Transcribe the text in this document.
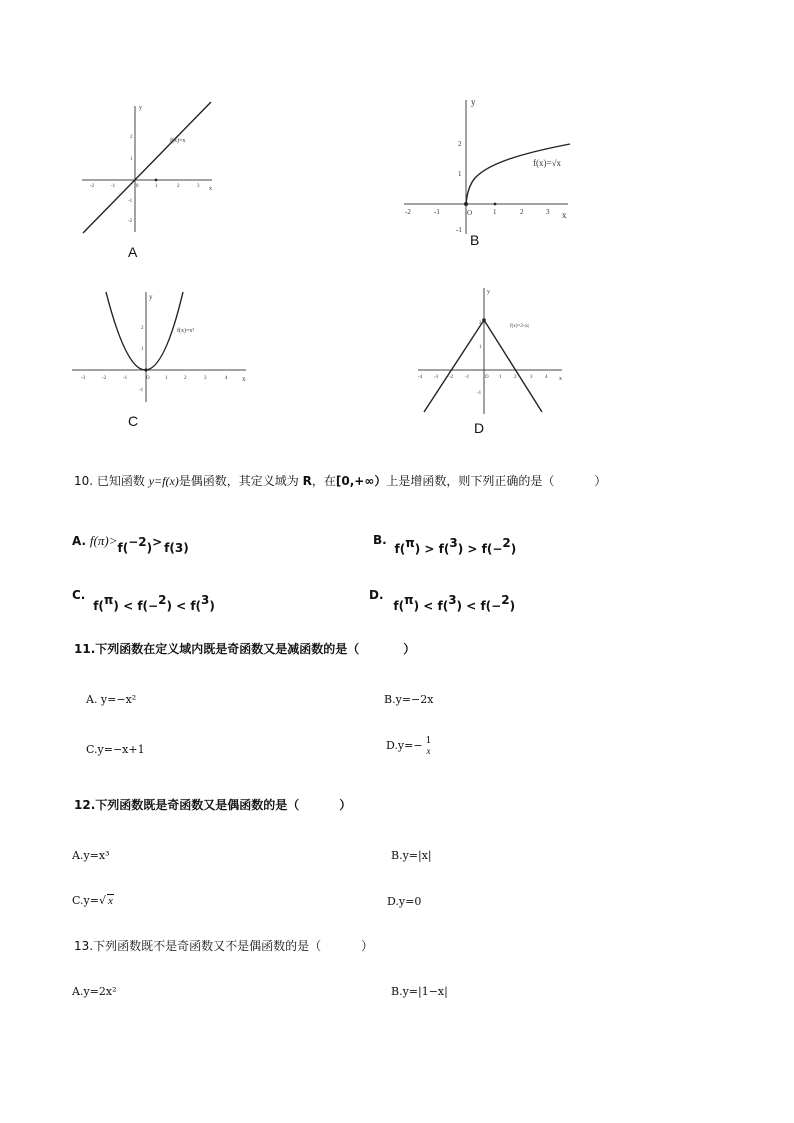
y
x
f(x)=x
-2	-1	0	1	2	3
2
1
-1
-2
A
y
x
f(x)=√x
-2	-1	O	1	2	3
2
1
-1
B
y
x
f(x)=x²
-3	-2	-1	O	1	2	3	4
2
1
-1
C
y
x
f(x)=2-|x|
-4 -3 -2 -1	O 1	2	3	4
2
1
-1
D
10. 已知函数 y=f(x)是偶函数，其定义域为 R，在[0,+∞）上是增函数，则下列正确的是（	）
A. f(π)>f(−2)> f(3)
B. f(π) > f(3) > f(−2)
C. f(π) < f(−2) < f(3)
D. f(π) < f(3) < f(−2)
11.下列函数在定义域内既是奇函数又是减函数的是（	）
A. y=−x²	B.y=−2x
C.y=−x+1	D.y=− 1
x
12.下列函数既是奇函数又是偶函数的是（	）
A.y=x³	B.y=|x|
C.y=√ x	D.y=0
13.下列函数既不是奇函数又不是偶函数的是（	）
A.y=2x²	B.y=|1−x|
